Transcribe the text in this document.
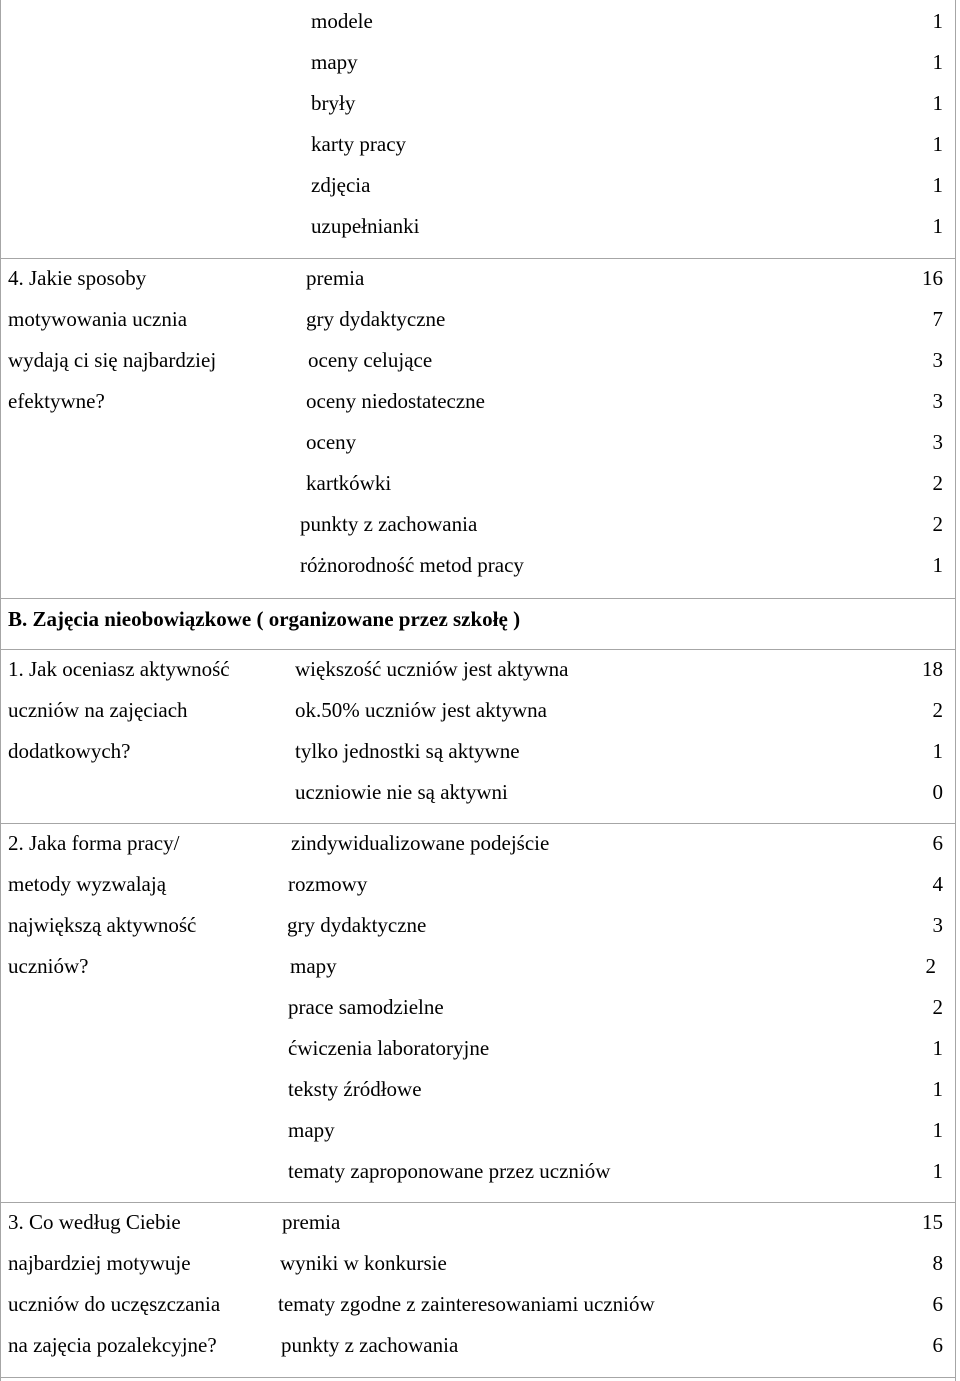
modele	1
mapy	1
bryły	1
karty pracy	1
zdjęcia	1
uzupełnianki	1
4. Jakie sposoby
motywowania ucznia
wydają ci się najbardziej
efektywne?
premia	16
gry dydaktyczne	7
oceny celujące	3
oceny niedostateczne	3
oceny	3
kartkówki	2
punkty z zachowania	2
różnorodność metod pracy	1
1. Jak oceniasz aktywność
uczniów na zajęciach
dodatkowych?
większość uczniów jest aktywna	18
ok.50% uczniów jest aktywna	2
tylko jednostki są aktywne	1
uczniowie nie są aktywni	0
2. Jaka forma pracy/
metody wyzwalają
największą aktywność
uczniów?
zindywidualizowane podejście	6
rozmowy	4
gry dydaktyczne	3
mapy	2
prace samodzielne	2
ćwiczenia laboratoryjne	1
teksty źródłowe	1
mapy	1
tematy zaproponowane przez uczniów	1
3. Co według Ciebie
najbardziej motywuje
uczniów do uczęszczania
na zajęcia pozalekcyjne?
premia	15
wyniki w konkursie	8
tematy zgodne z zainteresowaniami uczniów	6
punkty z zachowania	6
B. Zajęcia nieobowiązkowe ( organizowane przez szkołę )
